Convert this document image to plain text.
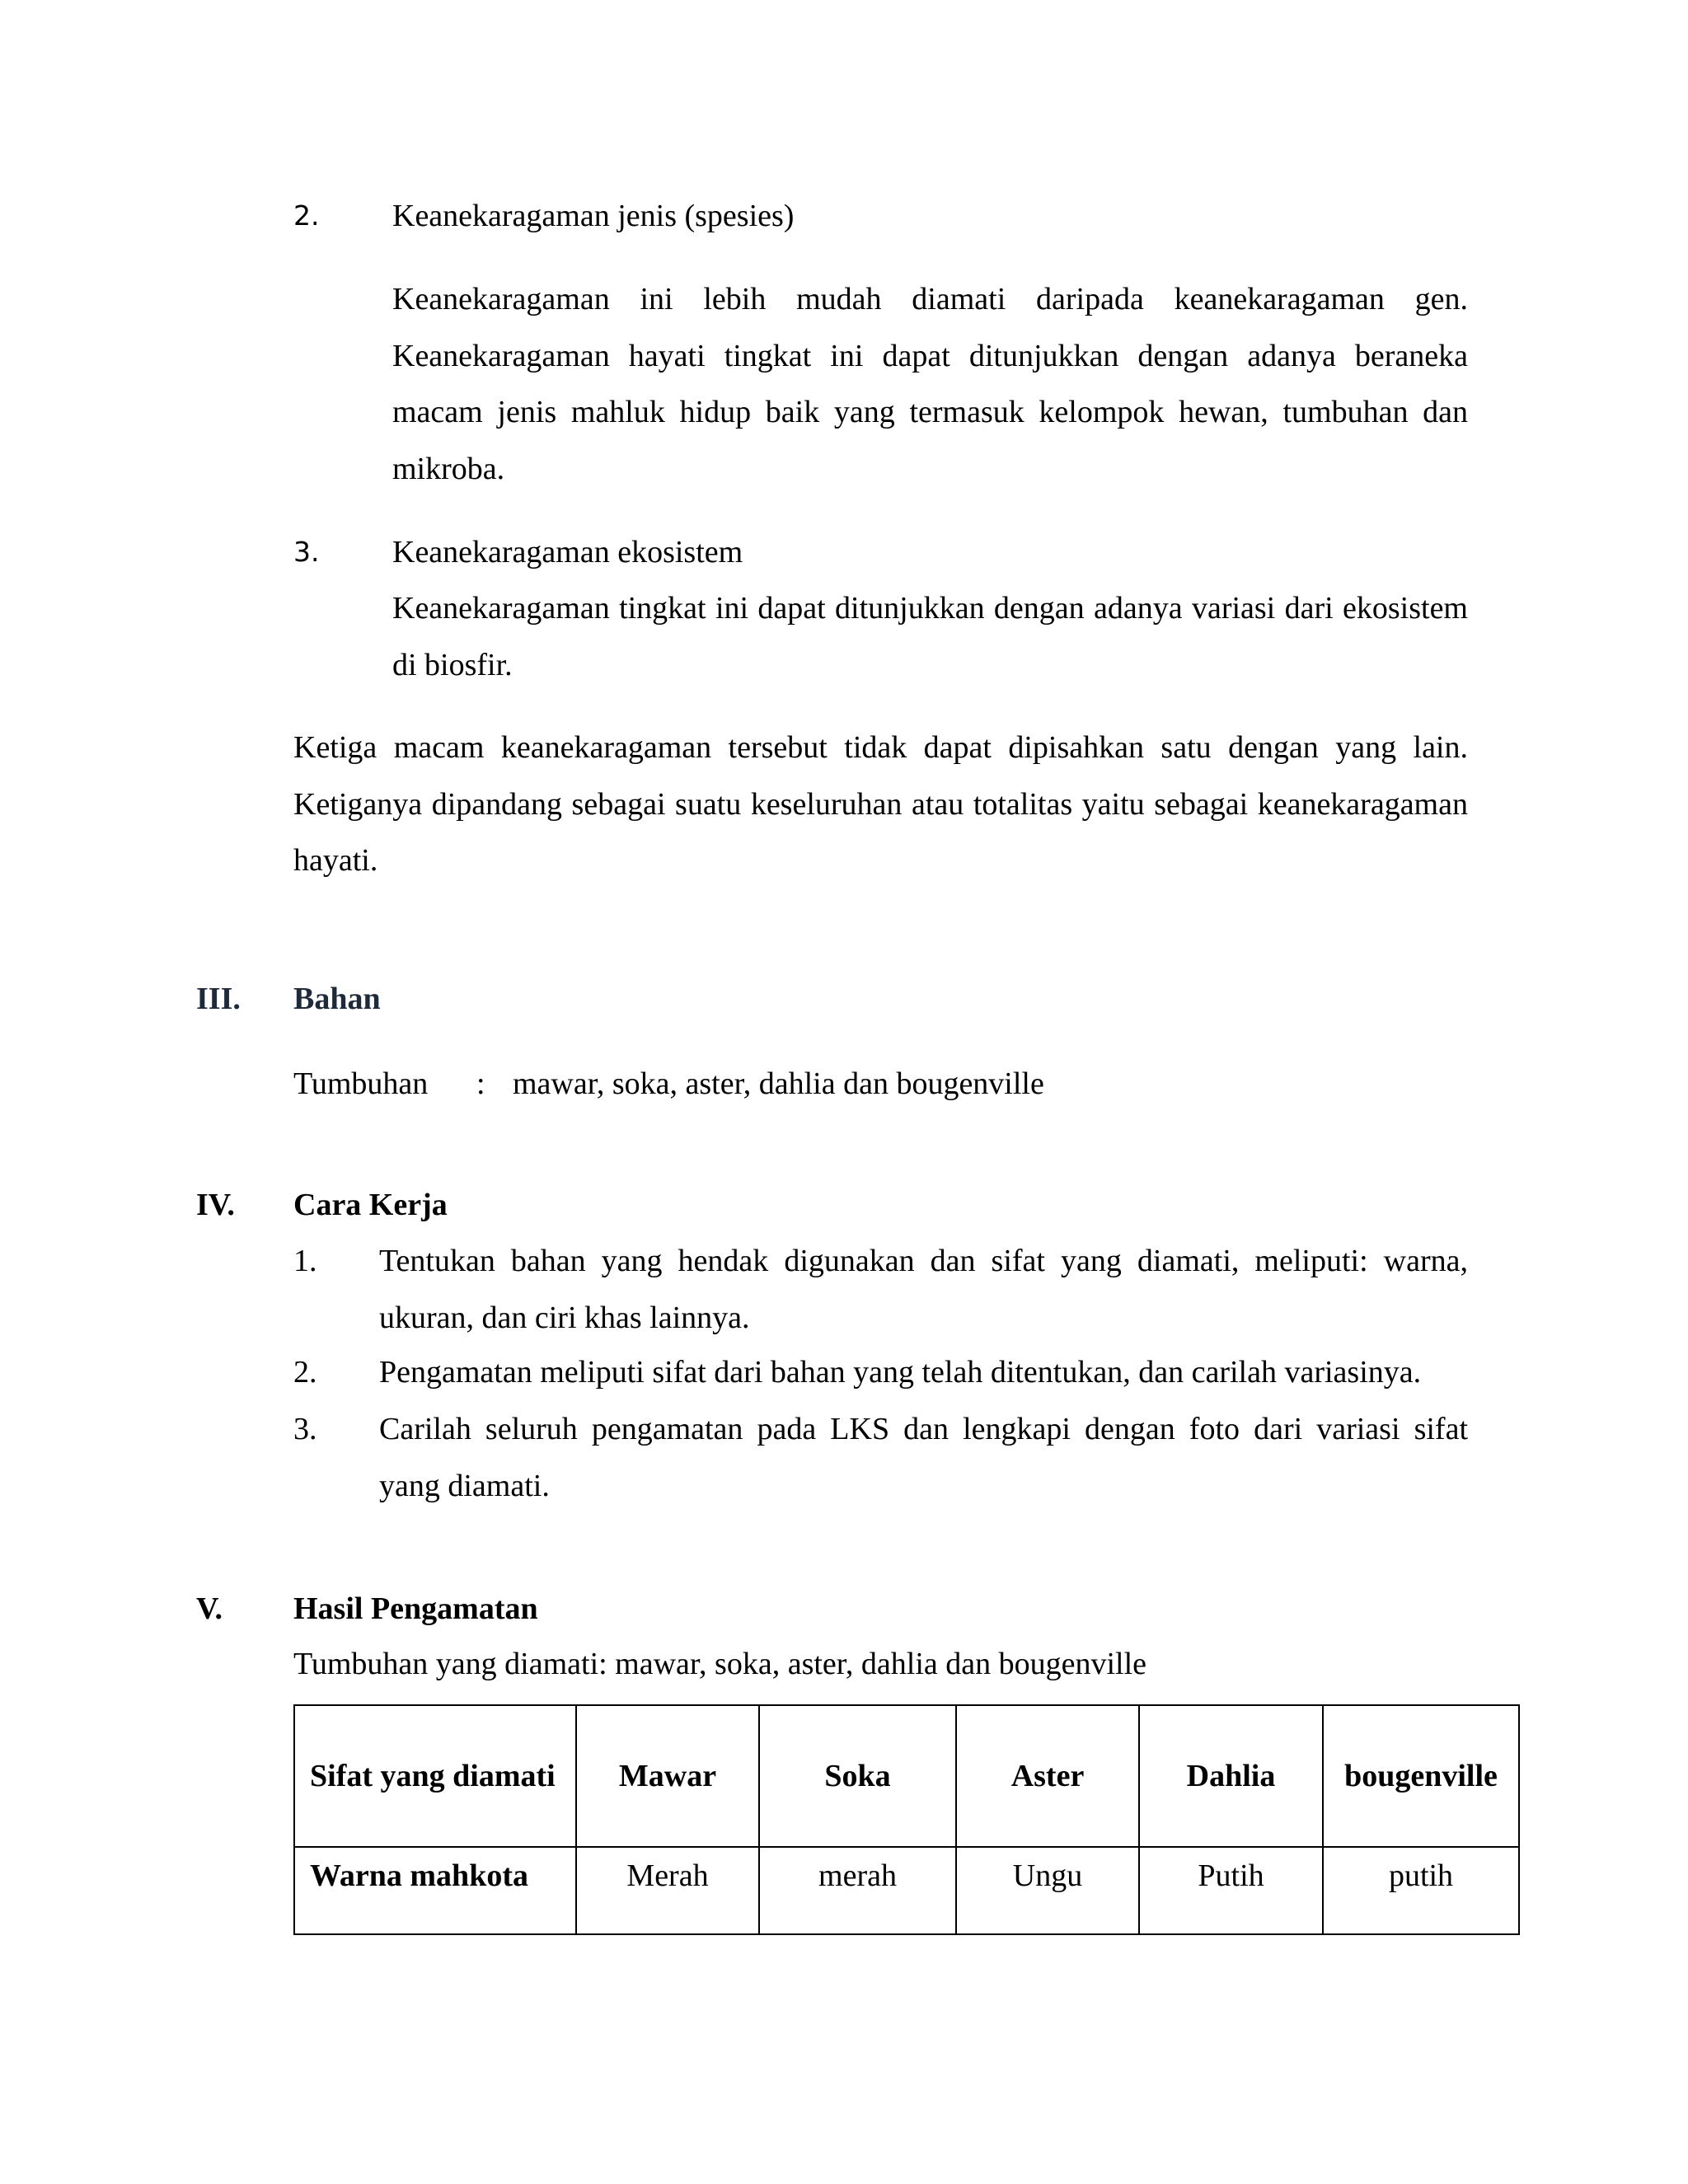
2. Keanekaragaman jenis (spesies)
Keanekaragaman ini lebih mudah diamati daripada keanekaragaman gen. Keanekaragaman hayati tingkat ini dapat ditunjukkan dengan adanya beraneka macam jenis mahluk hidup baik yang termasuk kelompok hewan, tumbuhan dan mikroba.
3. Keanekaragaman ekosistem
Keanekaragaman tingkat ini dapat ditunjukkan dengan adanya variasi dari ekosistem di biosfir.
Ketiga macam keanekaragaman tersebut tidak dapat dipisahkan satu dengan yang lain. Ketiganya dipandang sebagai suatu keseluruhan atau totalitas yaitu sebagai keanekaragaman hayati.
III. Bahan
Tumbuhan : mawar, soka, aster, dahlia dan bougenville
IV. Cara Kerja
1. Tentukan bahan yang hendak digunakan dan sifat yang diamati, meliputi: warna, ukuran, dan ciri khas lainnya.
2. Pengamatan meliputi sifat dari bahan yang telah ditentukan, dan carilah variasinya.
3. Carilah seluruh pengamatan pada LKS dan lengkapi dengan foto dari variasi sifat yang diamati.
V. Hasil Pengamatan
Tumbuhan yang diamati: mawar, soka, aster, dahlia dan bougenville
Sifat yang diamati	Mawar	Soka	Aster	Dahlia	bougenville
Warna mahkota	Merah	merah	Ungu	Putih	putih
